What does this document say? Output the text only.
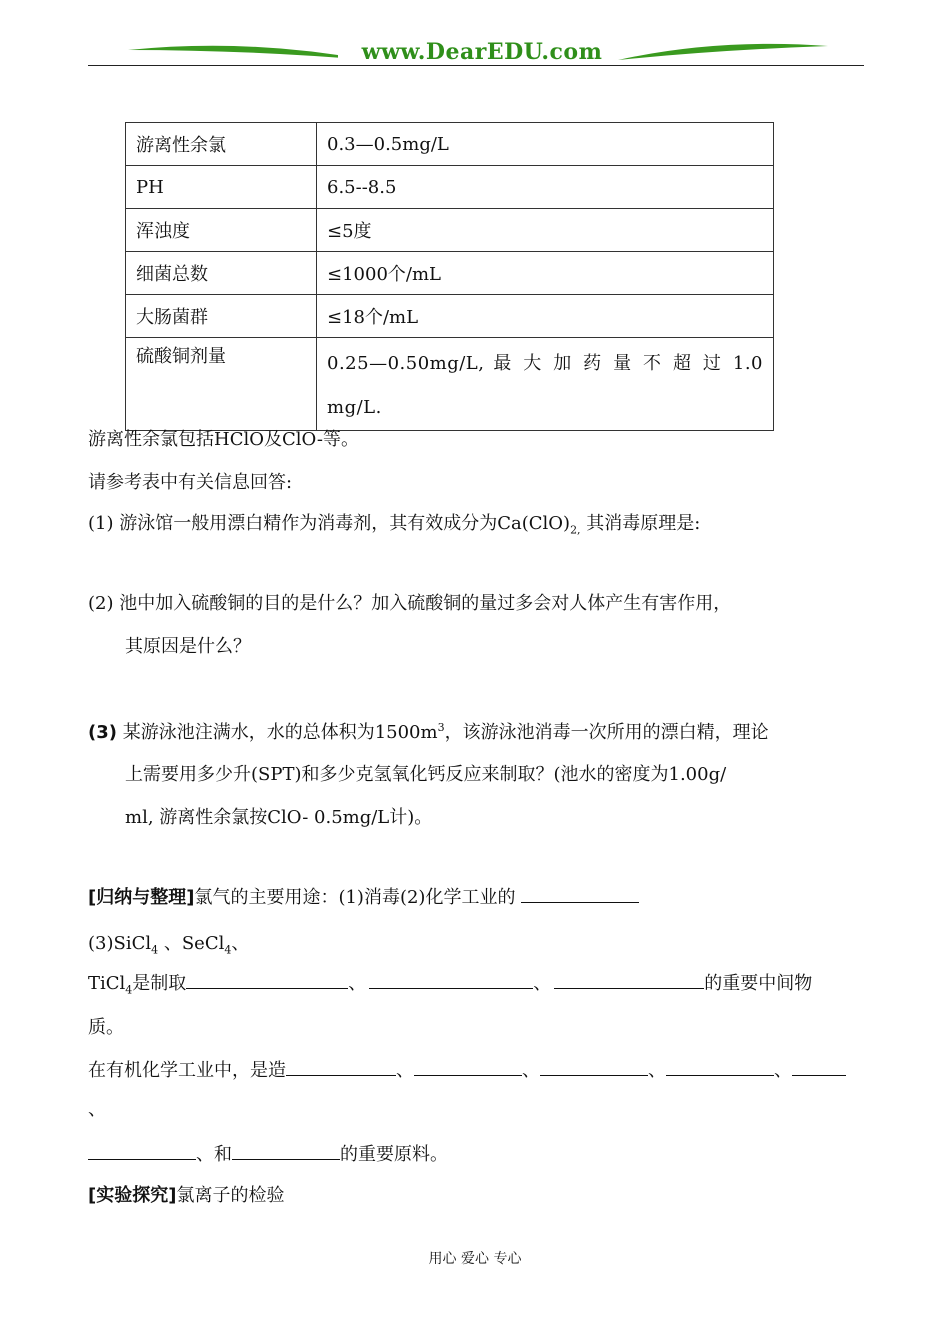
www.DearEDU.com
游离性余氯	0.3—0.5mg/L
PH	6.5--8.5
浑浊度	≤5度
细菌总数	≤1000个/mL
大肠菌群	≤18个/mL
硫酸铜剂量	0.25—0.50mg/L, 最 大 加 药 量 不 超 过 1.0
mg/L.
游离性余氯包括HClO及ClO-等。
请参考表中有关信息回答:
(1) 游泳馆一般用漂白精作为消毒剂，其有效成分为$Ca(ClO)_{2,}$ 其消毒原理是:
(2) 池中加入硫酸铜的目的是什么？加入硫酸铜的量过多会对人体产生有害作用，
其原因是什么？
(3) 某游泳池注满水，水的总体积为$1500m^3$，该游泳池消毒一次所用的漂白精，理论
上需要用多少升(SPT)和多少克氢氧化钙反应来制取？(池水的密度为1.00g/
ml, 游离性余氯按ClO- 0.5mg/L计)。
[归纳与整理]氯气的主要用途：(1)消毒(2)化学工业的
(3)SiCl$_4$ 、SeCl$_4$、
TiCl$_4$是制取	、	、	的重要中间物
质。
在有机化学工业中，是造	、	、	、	、
、
、和	的重要原料。
[实验探究]氯离子的检验
用心 爱心 专心
